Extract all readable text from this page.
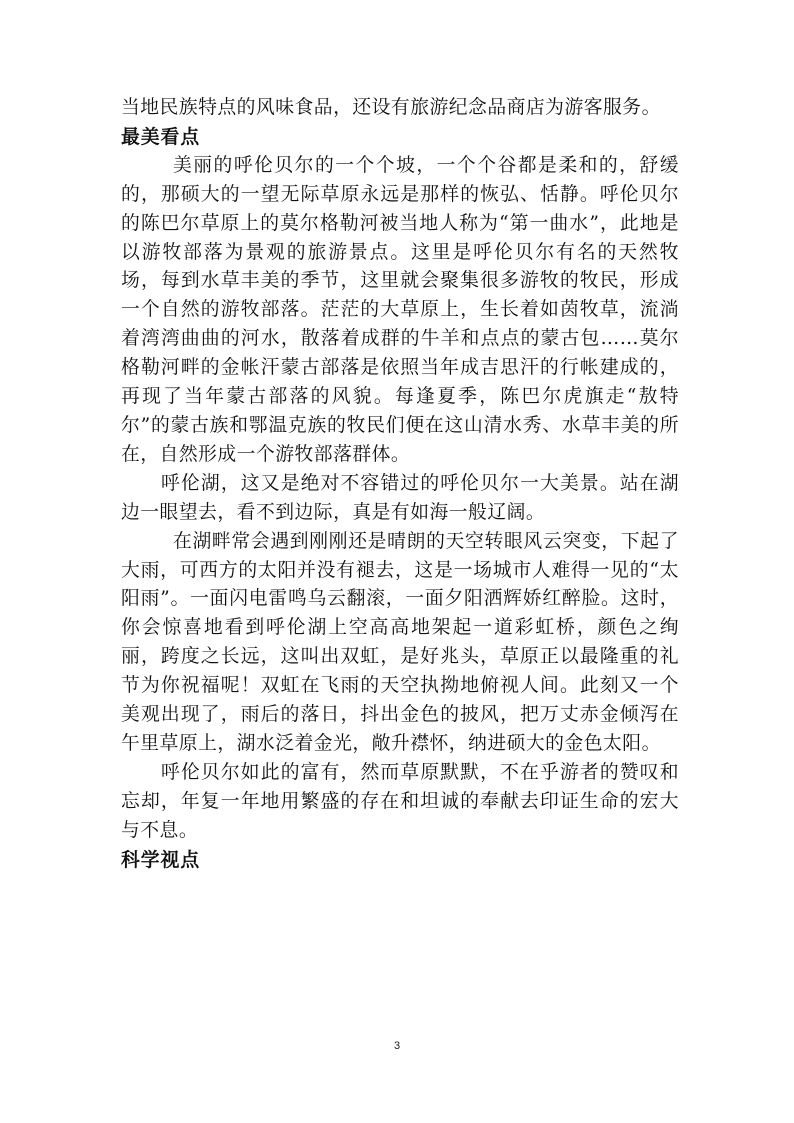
当地民族特点的风味食品，还设有旅游纪念品商店为游客服务。

最美看点

美丽的呼伦贝尔的一个个坡，一个个谷都是柔和的，舒缓的，那硕大的一望无际草原永远是那样的恢弘、恬静。呼伦贝尔的陈巴尔草原上的莫尔格勒河被当地人称为“第一曲水”，此地是以游牧部落为景观的旅游景点。这里是呼伦贝尔有名的天然牧场，每到水草丰美的季节，这里就会聚集很多游牧的牧民，形成一个自然的游牧部落。茫茫的大草原上，生长着如茵牧草，流淌着湾湾曲曲的河水，散落着成群的牛羊和点点的蒙古包……莫尔格勒河畔的金帐汗蒙古部落是依照当年成吉思汗的行帐建成的，再现了当年蒙古部落的风貌。每逢夏季，陈巴尔虎旗走“敖特尔”的蒙古族和鄂温克族的牧民们便在这山清水秀、水草丰美的所在，自然形成一个游牧部落群体。

呼伦湖，这又是绝对不容错过的呼伦贝尔一大美景。站在湖边一眼望去，看不到边际，真是有如海一般辽阔。

在湖畔常会遇到刚刚还是晴朗的天空转眼风云突变，下起了大雨，可西方的太阳并没有褪去，这是一场城市人难得一见的“太阳雨”。一面闪电雷鸣乌云翻滚，一面夕阳洒辉娇红醉脸。这时，你会惊喜地看到呼伦湖上空高高地架起一道彩虹桥，颜色之绚丽，跨度之长远，这叫出双虹，是好兆头，草原正以最隆重的礼节为你祝福呢！双虹在飞雨的天空执拗地俯视人间。此刻又一个美观出现了，雨后的落日，抖出金色的披风，把万丈赤金倾泻在午里草原上，湖水泛着金光，敞升襟怀，纳进硕大的金色太阳。

呼伦贝尔如此的富有，然而草原默默，不在乎游者的赞叹和忘却，年复一年地用繁盛的存在和坦诚的奉献去印证生命的宏大与不息。

科学视点

3
